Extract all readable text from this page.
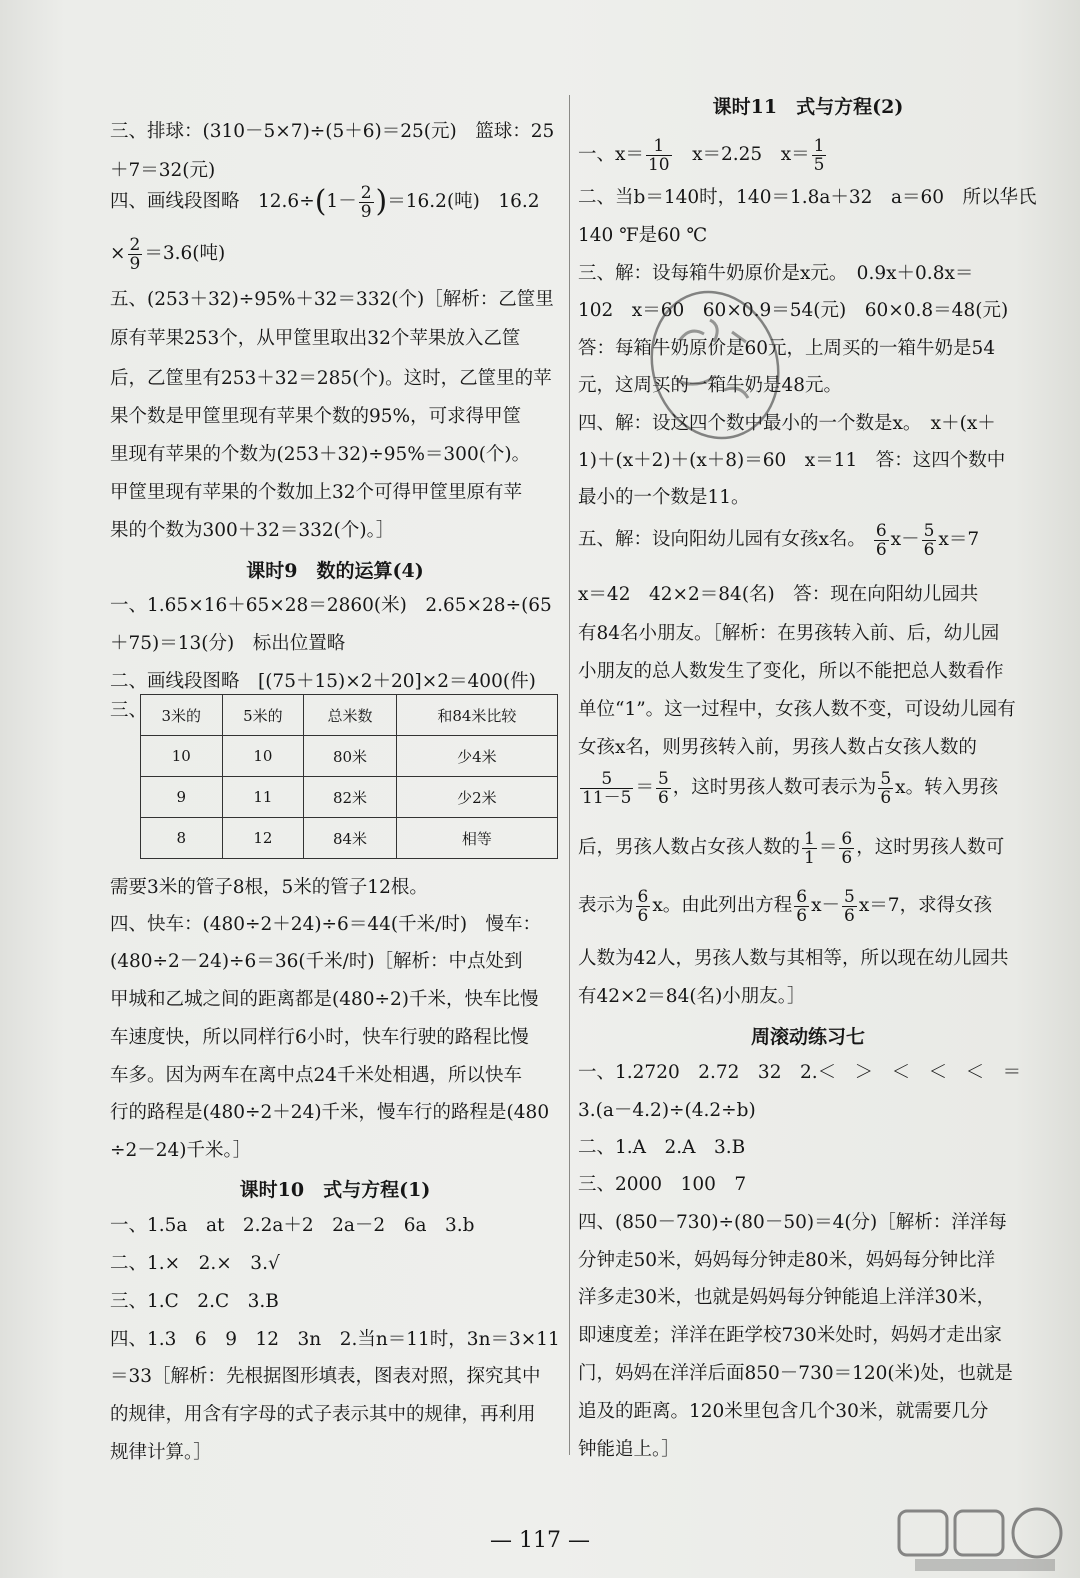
三、排球：(310－5×7)÷(5＋6)＝25(元)　篮球：25
＋7＝32(元)
四、画线段图略　$12.6\div(1- \frac{2}{9} )=16.2$(吨)　16.2
× $\frac{2}{9} =3.6$(吨)
五、(253＋32)÷95%＋32＝332(个)［解析：乙筐里
原有苹果253个，从甲筐里取出32个苹果放入乙筐
后，乙筐里有253＋32＝285(个)。这时，乙筐里的苹
果个数是甲筐里现有苹果个数的95%，可求得甲筐
里现有苹果的个数为(253＋32)÷95%＝300(个)。
甲筐里现有苹果的个数加上32个可得甲筐里原有苹
果的个数为300＋32＝332(个)。］
课时9　数的运算(4)
一、1.65×16＋65×28＝2860(米)　2.65×28÷(65
＋75)＝13(分)　标出位置略
二、画线段图略　[(75＋15)×2＋20]×2＝400(件)
三、 3米的	5米的	总米数	和84米比较
10	10	80米	少4米
9	11	82米	少2米
8	12	84米	相等
需要3米的管子8根，5米的管子12根。
四、快车：(480÷2＋24)÷6＝44(千米/时)　慢车：
(480÷2－24)÷6＝36(千米/时)［解析：中点处到
甲城和乙城之间的距离都是(480÷2)千米，快车比慢
车速度快，所以同样行6小时，快车行驶的路程比慢
车多。因为两车在离中点24千米处相遇，所以快车
行的路程是(480÷2＋24)千米，慢车行的路程是(480
÷2－24)千米。］
课时10　式与方程(1)
一、1.5a　at　2.2a＋2　2a－2　6a　3.b
二、1.×　2.×　3.√
三、1.C　2.C　3.B
四、1.3　6　9　12　3n　2.当n＝11时，3n＝3×11
＝33［解析：先根据图形填表，图表对照，探究其中
的规律，用含有字母的式子表示其中的规律，再利用
规律计算。］
课时11　式与方程(2)
一、$x= \frac{1}{10}$ 　x＝2.25　$x= \frac{1}{5}$
二、当b＝140时，140＝1.8a＋32　a＝60　所以华氏
140 ℉是60 ℃
三、解：设每箱牛奶原价是x元。　0.9x＋0.8x＝
102　x＝60　60×0.9＝54(元)　60×0.8＝48(元)
答：每箱牛奶原价是60元，上周买的一箱牛奶是54
元，这周买的一箱牛奶是48元。
四、解：设这四个数中最小的一个数是x。　x＋(x＋
1)＋(x＋2)＋(x＋8)＝60　x＝11　答：这四个数中
最小的一个数是11。
五、解：设向阳幼儿园有女孩x名。 $\frac{6}{6} x- \frac{5}{6} x=7$
x＝42　42×2＝84(名)　答：现在向阳幼儿园共
有84名小朋友。［解析：在男孩转入前、后，幼儿园
小朋友的总人数发生了变化，所以不能把总人数看作
单位“1”。这一过程中，女孩人数不变，可设幼儿园有
女孩x名，则男孩转入前，男孩人数占女孩人数的
$\frac{5}{11-5} = \frac{5}{6}$ ，这时男孩人数可表示为 $\frac{5}{6}$ x。转入男孩
后，男孩人数占女孩人数的 $\frac{1}{1} = \frac{6}{6}$ ，这时男孩人数可
表示为 $\frac{6}{6}$ x。由此列出方程 $\frac{6}{6} x- \frac{5}{6} x=7$，求得女孩
人数为42人，男孩人数与其相等，所以现在幼儿园共
有42×2＝84(名)小朋友。］
周滚动练习七
一、1.2720　2.72　32　2.＜　＞　＜　＜　＜　＝
3.(a－4.2)÷(4.2÷b)
二、1.A　2.A　3.B
三、2000　100　7
四、(850－730)÷(80－50)＝4(分)［解析：洋洋每
分钟走50米，妈妈每分钟走80米，妈妈每分钟比洋
洋多走30米，也就是妈妈每分钟能追上洋洋30米，
即速度差；洋洋在距学校730米处时，妈妈才走出家
门，妈妈在洋洋后面850－730＝120(米)处，也就是
追及的距离。120米里包含几个30米，就需要几分
钟能追上。］
— 117 —
